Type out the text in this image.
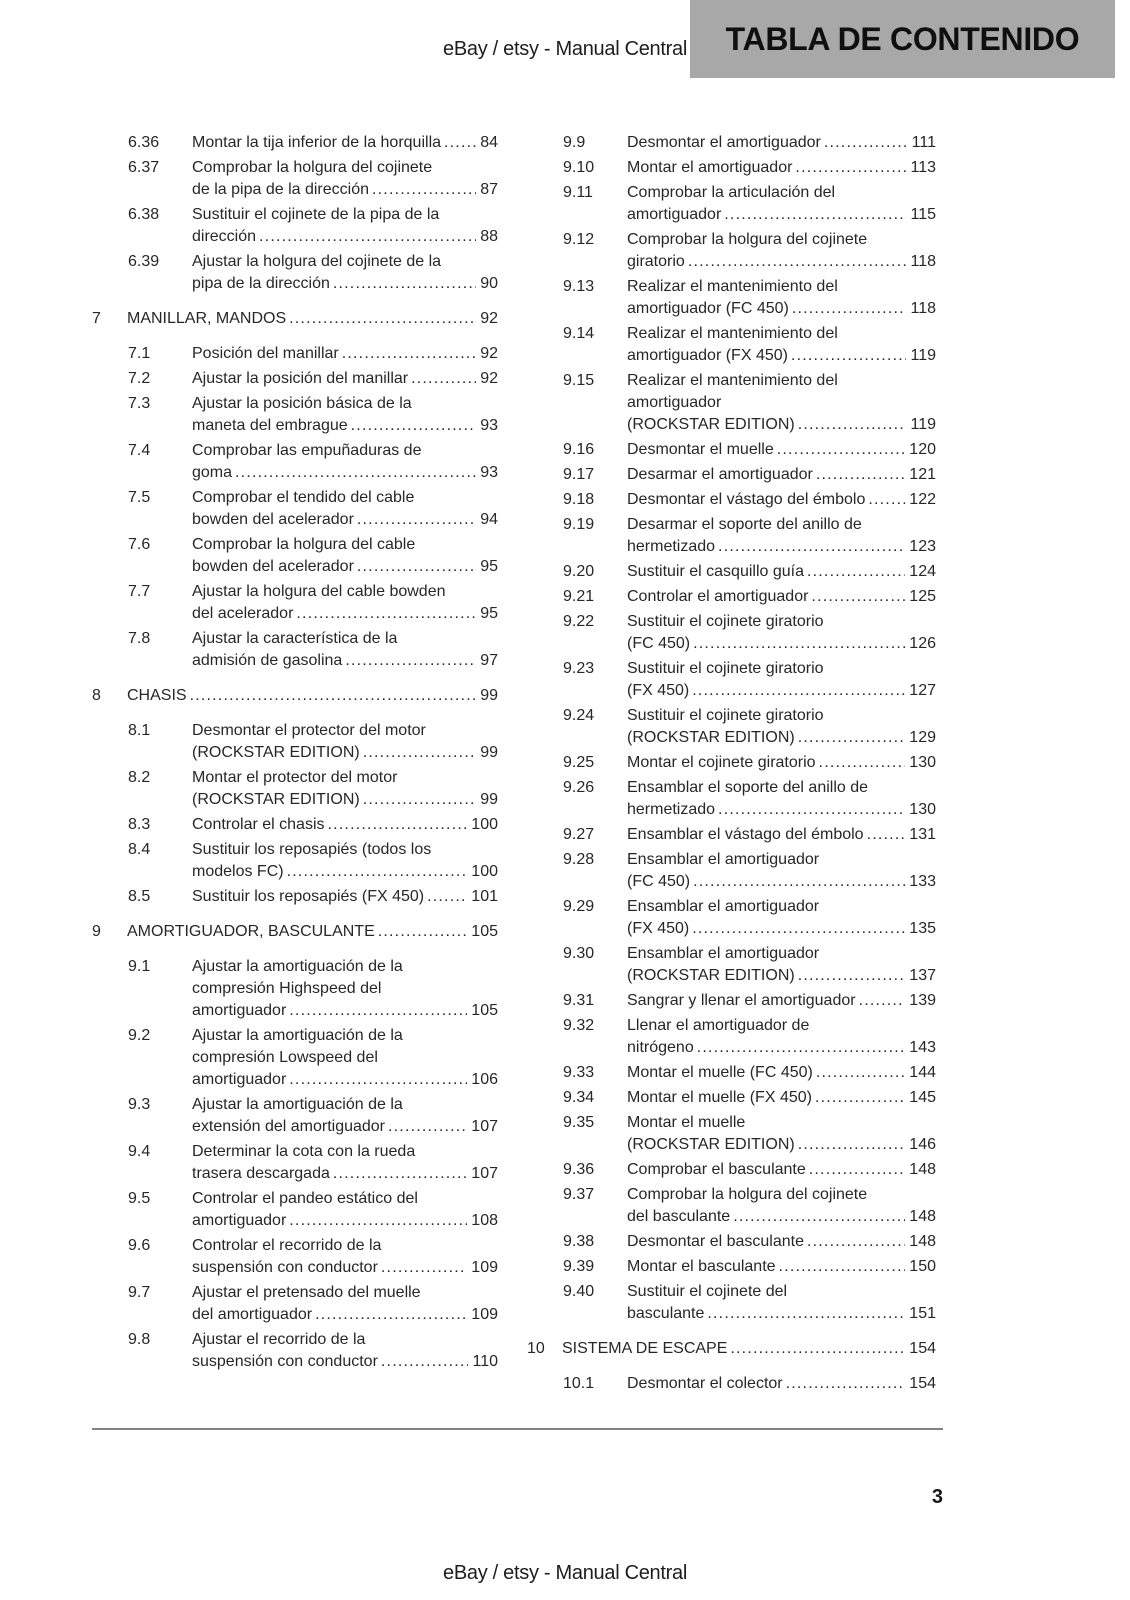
eBay / etsy - Manual Central	TABLA DE CONTENIDO
6.36 Montar la tija inferior de la horquilla ..... 84
6.37 Comprobar la holgura del cojinete
de la pipa de la dirección .....	87
6.38 Sustituir el cojinete de la pipa de la
dirección .....	88
6.39 Ajustar la holgura del cojinete de la
pipa de la dirección .....	90
7 MANILLAR, MANDOS .....	92
7.1	Posición del manillar .....	92
7.2	Ajustar la posición del manillar .....	92
7.3	Ajustar la posición básica de la
maneta del embrague .....	93
7.4	Comprobar las empuñaduras de
goma .....	93
7.5	Comprobar el tendido del cable
bowden del acelerador .....	94
7.6	Comprobar la holgura del cable
bowden del acelerador .....	95
7.7	Ajustar la holgura del cable bowden
del acelerador .....	95
7.8	Ajustar la característica de la
admisión de gasolina .....	97
8 CHASIS .....	99
8.1	Desmontar el protector del motor
(ROCKSTAR EDITION) .....	99
8.2	Montar el protector del motor
(ROCKSTAR EDITION) .....	99
8.3	Controlar el chasis .....	100
8.4	Sustituir los reposapiés (todos los
modelos FC) .....	100
8.5	Sustituir los reposapiés (FX 450) .....	101
9 AMORTIGUADOR, BASCULANTE .....	105
9.1	Ajustar la amortiguación de la
compresión Highspeed del
amortiguador .....	105
9.2	Ajustar la amortiguación de la
compresión Lowspeed del
amortiguador .....	106
9.3	Ajustar la amortiguación de la
extensión del amortiguador .....	107
9.4	Determinar la cota con la rueda
trasera descargada .....	107
9.5	Controlar el pandeo estático del
amortiguador .....	108
9.6	Controlar el recorrido de la
suspensión con conductor .....	109
9.7	Ajustar el pretensado del muelle
del amortiguador .....	109
9.8	Ajustar el recorrido de la
suspensión con conductor .....	110
9.9	Desmontar el amortiguador .....	111
9.10 Montar el amortiguador .....	113
9.11 Comprobar la articulación del
amortiguador .....	115
9.12 Comprobar la holgura del cojinete
giratorio .....	118
9.13 Realizar el mantenimiento del
amortiguador (FC 450) .....	118
9.14 Realizar el mantenimiento del
amortiguador (FX 450) .....	119
9.15 Realizar el mantenimiento del
amortiguador
(ROCKSTAR EDITION) .....	119
9.16 Desmontar el muelle .....	120
9.17 Desarmar el amortiguador .....	121
9.18 Desmontar el vástago del émbolo .....	122
9.19 Desarmar el soporte del anillo de
hermetizado .....	123
9.20 Sustituir el casquillo guía .....	124
9.21 Controlar el amortiguador .....	125
9.22 Sustituir el cojinete giratorio
(FC 450) .....	126
9.23 Sustituir el cojinete giratorio
(FX 450) .....	127
9.24 Sustituir el cojinete giratorio
(ROCKSTAR EDITION) .....	129
9.25 Montar el cojinete giratorio .....	130
9.26 Ensamblar el soporte del anillo de
hermetizado .....	130
9.27 Ensamblar el vástago del émbolo .....	131
9.28 Ensamblar el amortiguador
(FC 450) .....	133
9.29 Ensamblar el amortiguador
(FX 450) .....	135
9.30 Ensamblar el amortiguador
(ROCKSTAR EDITION) .....	137
9.31 Sangrar y llenar el amortiguador .....	139
9.32 Llenar el amortiguador de
nitrógeno .....	143
9.33 Montar el muelle (FC 450) .....	144
9.34 Montar el muelle (FX 450) .....	145
9.35 Montar el muelle
(ROCKSTAR EDITION) .....	146
9.36 Comprobar el basculante .....	148
9.37 Comprobar la holgura del cojinete
del basculante .....	148
9.38 Desmontar el basculante .....	148
9.39 Montar el basculante .....	150
9.40 Sustituir el cojinete del
basculante .....	151
10 SISTEMA DE ESCAPE .....	154
10.1 Desmontar el colector .....	154
3
eBay / etsy - Manual Central
